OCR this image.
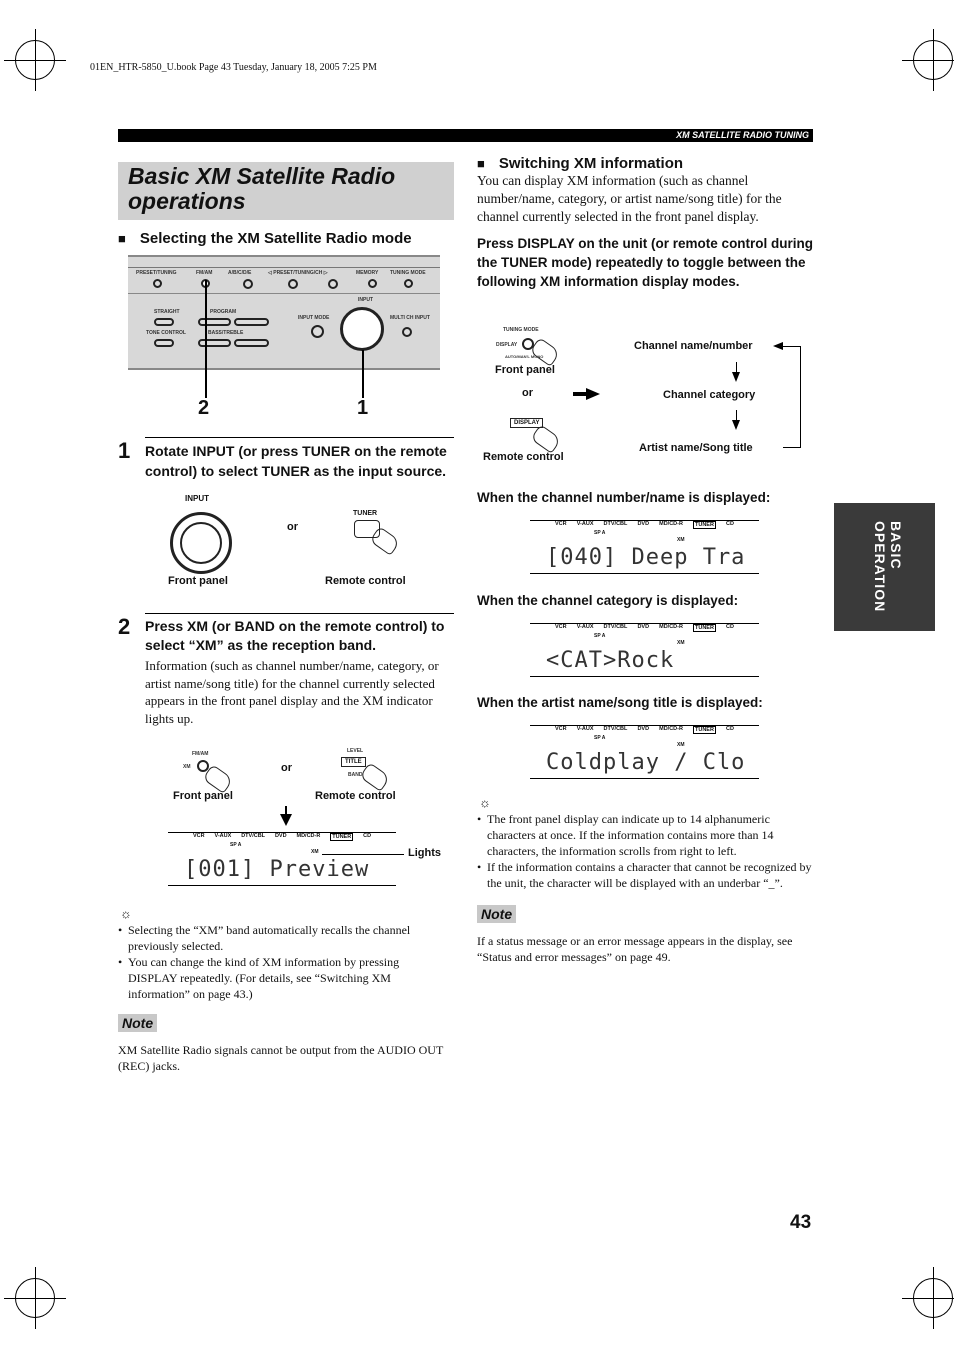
01EN_HTR-5850_U.book Page 43 Tuesday, January 18, 2005 7:25 PM
XM SATELLITE RADIO TUNING
Basic XM Satellite Radio operations
■ Selecting the XM Satellite Radio mode
PRESET/TUNING	FM/AM	A/B/C/D/E	◁ PRESET/TUNING/CH ▷	MEMORY TUNING MODE
STRAIGHT	PROGRAM
TONE CONTROL	BASS/TREBLE
INPUT MODE
INPUT
MULTI CH INPUT
2	1
1 Rotate INPUT (or press TUNER on the remote control) to select TUNER as the input source.
INPUT
or
TUNER
Front panel	Remote control
2 Press XM (or BAND on the remote control) to select “XM” as the reception band.
Information (such as channel number/name, category, or artist name/song title) for the channel currently selected appears in the front panel display and the XM indicator lights up.
FM/AM
XM	or
LEVEL
TITLE
BAND
Front panel	Remote control
VCR V-AUX DTV/CBL DVD MD/CD-R	TUNER	CD
SP A
XM
[001] Preview
Lights
☼
• Selecting the “XM” band automatically recalls the channel previously selected.
• You can change the kind of XM information by pressing DISPLAY repeatedly. (For details, see “Switching XM information” on page 43.)
Note
XM Satellite Radio signals cannot be output from the AUDIO OUT (REC) jacks.
■ Switching XM information
You can display XM information (such as channel number/name, category, or artist name/song title) for the channel currently selected in the front panel display.
Press DISPLAY on the unit (or remote control during the TUNER mode) repeatedly to toggle between the following XM information display modes.
TUNING MODE
DISPLAY
AUTO/MAN'L MONO
Front panel
or
DISPLAY
Remote control
Channel name/number
Channel category
Artist name/Song title
When the channel number/name is displayed:
VCR V-AUX DTV/CBL DVD MD/CD-R	TUNER	CD
SP A
XM
[040] Deep Tra
When the channel category is displayed:
VCR V-AUX DTV/CBL DVD MD/CD-R	TUNER	CD
SP A
XM
<CAT>Rock
When the artist name/song title is displayed:
VCR V-AUX DTV/CBL DVD MD/CD-R	TUNER	CD
SP A
XM
Coldplay / Clo
☼
• The front panel display can indicate up to 14 alphanumeric characters at once. If the information contains more than 14 characters, the information scrolls from right to left.
• If the information contains a character that cannot be recognized by the unit, the character will be displayed with an underbar “_”.
Note
If a status message or an error message appears in the display, see “Status and error messages” on page 49.
BASIC OPERATION
43
